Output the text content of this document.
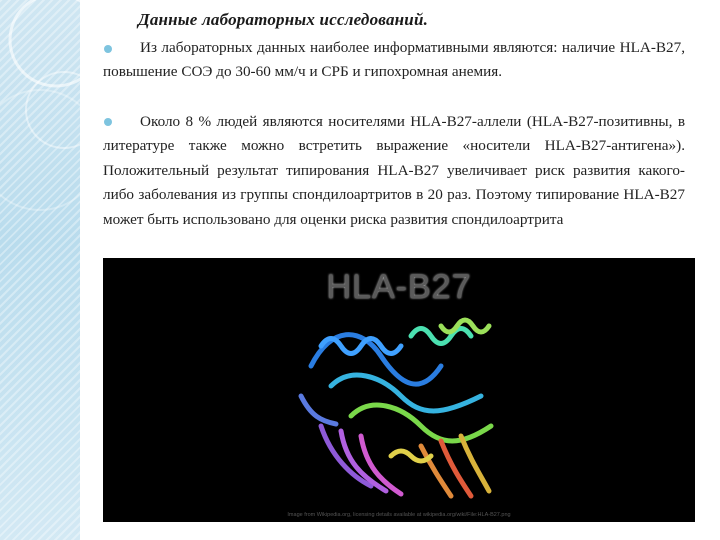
Данные лабораторных исследований.
Из лабораторных данных наиболее информативными являются: наличие HLA-B27, повышение СОЭ до 30-60 мм/ч и СРБ и гипохромная анемия.
Около 8 % людей являются носителями HLA-B27-аллели (HLA-B27-позитивны, в литературе также можно встретить выражение «носители HLA-B27-антигена»). Положительный результат типирования HLA-B27 увеличивает риск развития какого-либо заболевания из группы спондилоартритов в 20 раз. Поэтому типирование HLA-B27 может быть использовано для оценки риска развития спондилоартрита
HLA-B27
Image from Wikipedia.org, licensing details available at wikipedia.org/wiki/File:HLA-B27.png
